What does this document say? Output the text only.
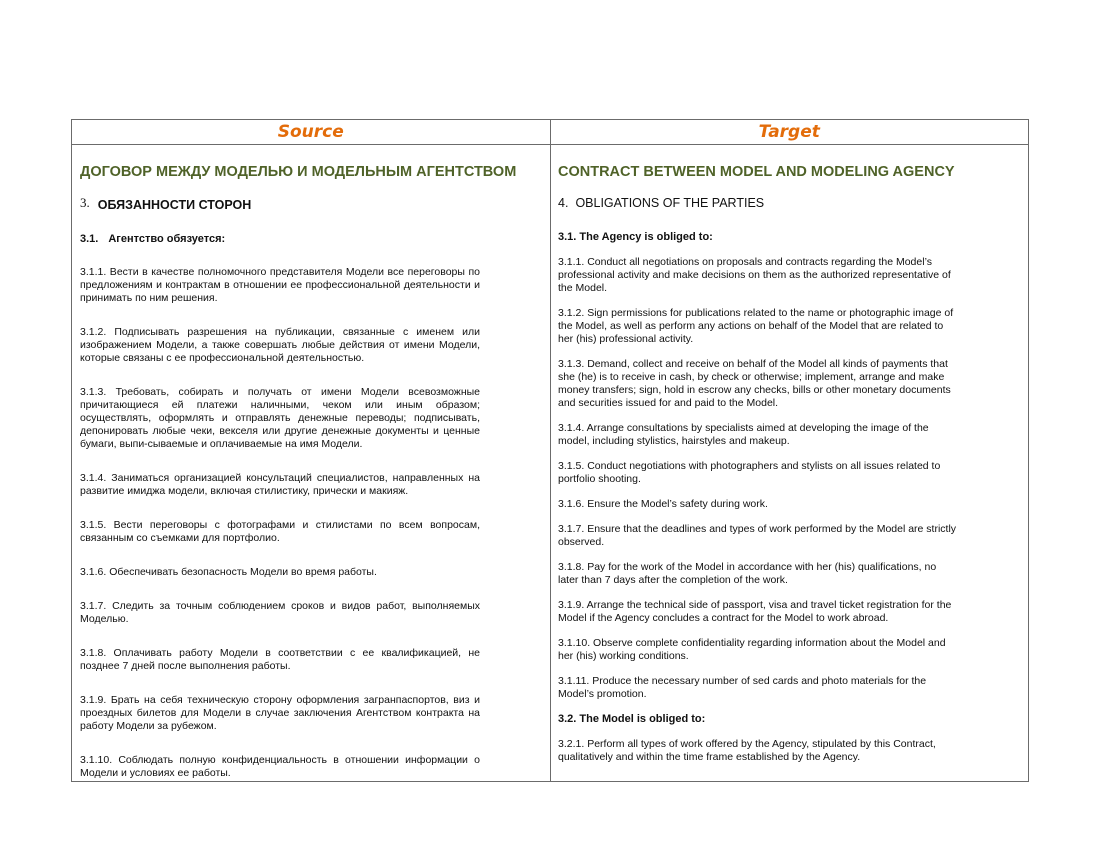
Source	Target
ДОГОВОР МЕЖДУ МОДЕЛЬЮ И МОДЕЛЬНЫМ АГЕНТСТВОМ
3. ОБЯЗАННОСТИ СТОРОН
3.1. Агентство обязуется:

3.1.1. Вести в качестве полномочного представителя Модели все переговоры по предложениям и контрактам в отношении ее профессиональной деятельности и принимать по ним решения.

3.1.2. Подписывать разрешения на публикации, связанные с именем или изображением Модели, а также совершать любые действия от имени Модели, которые связаны с ее профессиональной деятельностью.

3.1.3. Требовать, собирать и получать от имени Модели всевозможные причитающиеся ей платежи наличными, чеком или иным образом; осуществлять, оформлять и отправлять денежные переводы; подписывать, депонировать любые чеки, векселя или другие денежные документы и ценные бумаги, выпи-сываемые и оплачиваемые на имя Модели.

3.1.4. Заниматься организацией консультаций специалистов, направленных на развитие имиджа модели, включая стилистику, прически и макияж.

3.1.5. Вести переговоры с фотографами и стилистами по всем вопросам, связанным со съемками для портфолио.

3.1.6. Обеспечивать безопасность Модели во время работы.

3.1.7. Следить за точным соблюдением сроков и видов работ, выполняемых Моделью.

3.1.8. Оплачивать работу Модели в соответствии с ее квалификацией, не позднее 7 дней после выполнения работы.

3.1.9. Брать на себя техническую сторону оформления загранпаспортов, виз и проездных билетов для Модели в случае заключения Агентством контракта на работу Модели за рубежом.

3.1.10. Соблюдать полную конфиденциальность в отношении информации о Модели и условиях ее работы.

CONTRACT BETWEEN MODEL AND MODELING AGENCY
4. OBLIGATIONS OF THE PARTIES
3.1. The Agency is obliged to:

3.1.1. Conduct all negotiations on proposals and contracts regarding the Model’s professional activity and make decisions on them as the authorized representative of the Model.

3.1.2. Sign permissions for publications related to the name or photographic image of the Model, as well as perform any actions on behalf of the Model that are related to her (his) professional activity.

3.1.3. Demand, collect and receive on behalf of the Model all kinds of payments that she (he) is to receive in cash, by check or otherwise; implement, arrange and make money transfers; sign, hold in escrow any checks, bills or other monetary documents and securities issued for and paid to the Model.

3.1.4. Arrange consultations by specialists aimed at developing the image of the model, including stylistics, hairstyles and makeup.

3.1.5. Conduct negotiations with photographers and stylists on all issues related to portfolio shooting.

3.1.6. Ensure the Model’s safety during work.

3.1.7. Ensure that the deadlines and types of work performed by the Model are strictly observed.

3.1.8. Pay for the work of the Model in accordance with her (his) qualifications, no later than 7 days after the completion of the work.

3.1.9. Arrange the technical side of passport, visa and travel ticket registration for the Model if the Agency concludes a contract for the Model to work abroad.

3.1.10. Observe complete confidentiality regarding information about the Model and her (his) working conditions.

3.1.11. Produce the necessary number of sed cards and photo materials for the Model’s promotion.

3.2. The Model is obliged to:

3.2.1. Perform all types of work offered by the Agency, stipulated by this Contract, qualitatively and within the time frame established by the Agency.
